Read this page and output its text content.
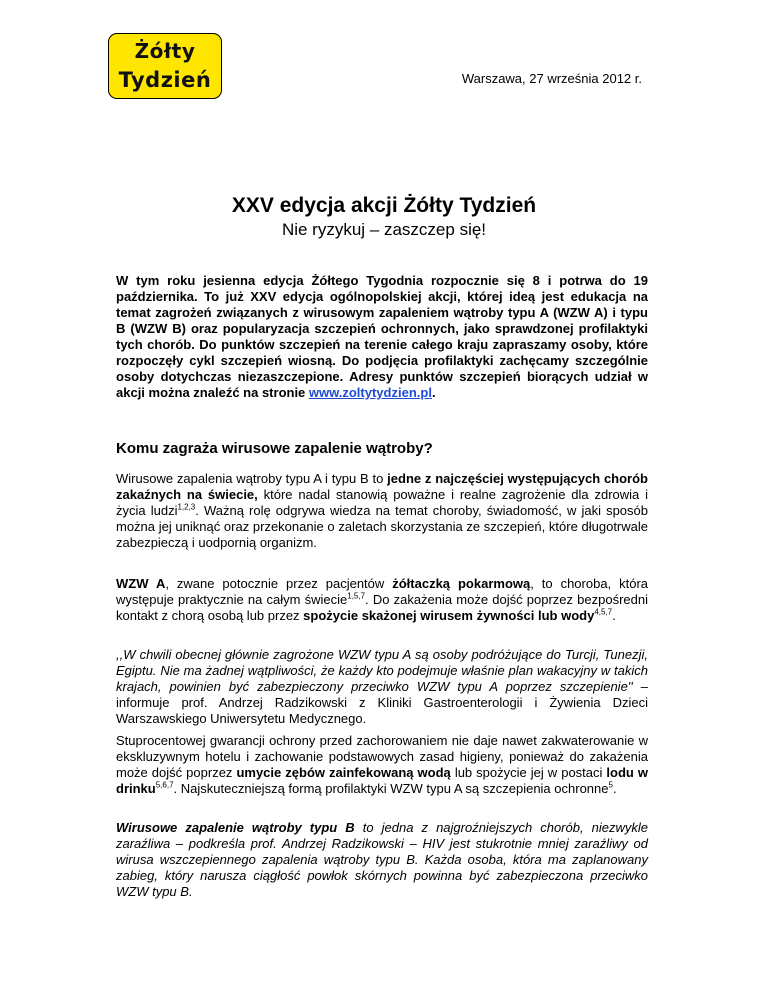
Żółty
Tydzień	Warszawa, 27 września 2012 r.
XXV edycja akcji Żółty Tydzień
Nie ryzykuj – zaszczep się!
W tym roku jesienna edycja Żółtego Tygodnia rozpocznie się 8 i potrwa do 19 października. To już XXV edycja ogólnopolskiej akcji, której ideą jest edukacja na temat zagrożeń związanych z wirusowym zapaleniem wątroby typu A (WZW A) i typu B (WZW B) oraz popularyzacja szczepień ochronnych, jako sprawdzonej profilaktyki tych chorób. Do punktów szczepień na terenie całego kraju zapraszamy osoby, które rozpoczęły cykl szczepień wiosną. Do podjęcia profilaktyki zachęcamy szczególnie osoby dotychczas niezaszczepione. Adresy punktów szczepień biorących udział w akcji można znaleźć na stronie www.zoltytydzien.pl.
Komu zagraża wirusowe zapalenie wątroby?
Wirusowe zapalenia wątroby typu A i typu B to jedne z najczęściej występujących chorób zakaźnych na świecie, które nadal stanowią poważne i realne zagrożenie dla zdrowia i życia ludzi$^{1,2,3}$. Ważną rolę odgrywa wiedza na temat choroby, świadomość, w jaki sposób można jej uniknąć oraz przekonanie o zaletach skorzystania ze szczepień, które długotrwale zabezpieczą i uodpornią organizm.
WZW A, zwane potocznie przez pacjentów żółtaczką pokarmową, to choroba, która występuje praktycznie na całym świecie$^{1,5,7}$. Do zakażenia może dojść poprzez bezpośredni kontakt z chorą osobą lub przez spożycie skażonej wirusem żywności lub wody$^{4,5,7}$.
,,W chwili obecnej głównie zagrożone WZW typu A są osoby podróżujące do Turcji, Tunezji, Egiptu. Nie ma żadnej wątpliwości, że każdy kto podejmuje właśnie plan wakacyjny w takich krajach, powinien być zabezpieczony przeciwko WZW typu A poprzez szczepienie'' – informuje prof. Andrzej Radzikowski z Kliniki Gastroenterologii i Żywienia Dzieci Warszawskiego Uniwersytetu Medycznego.
Stuprocentowej gwarancji ochrony przed zachorowaniem nie daje nawet zakwaterowanie w ekskluzywnym hotelu i zachowanie podstawowych zasad higieny, ponieważ do zakażenia może dojść poprzez umycie zębów zainfekowaną wodą lub spożycie jej w postaci lodu w drinku$^{5,6,7}$. Najskuteczniejszą formą profilaktyki WZW typu A są szczepienia ochronne$^5$.
Wirusowe zapalenie wątroby typu B to jedna z najgroźniejszych chorób, niezwykle zaraźliwa – podkreśla prof. Andrzej Radzikowski – HIV jest stukrotnie mniej zaraźliwy od wirusa wszczepiennego zapalenia wątroby typu B. Każda osoba, która ma zaplanowany zabieg, który narusza ciągłość powłok skórnych powinna być zabezpieczona przeciwko WZW typu B.
